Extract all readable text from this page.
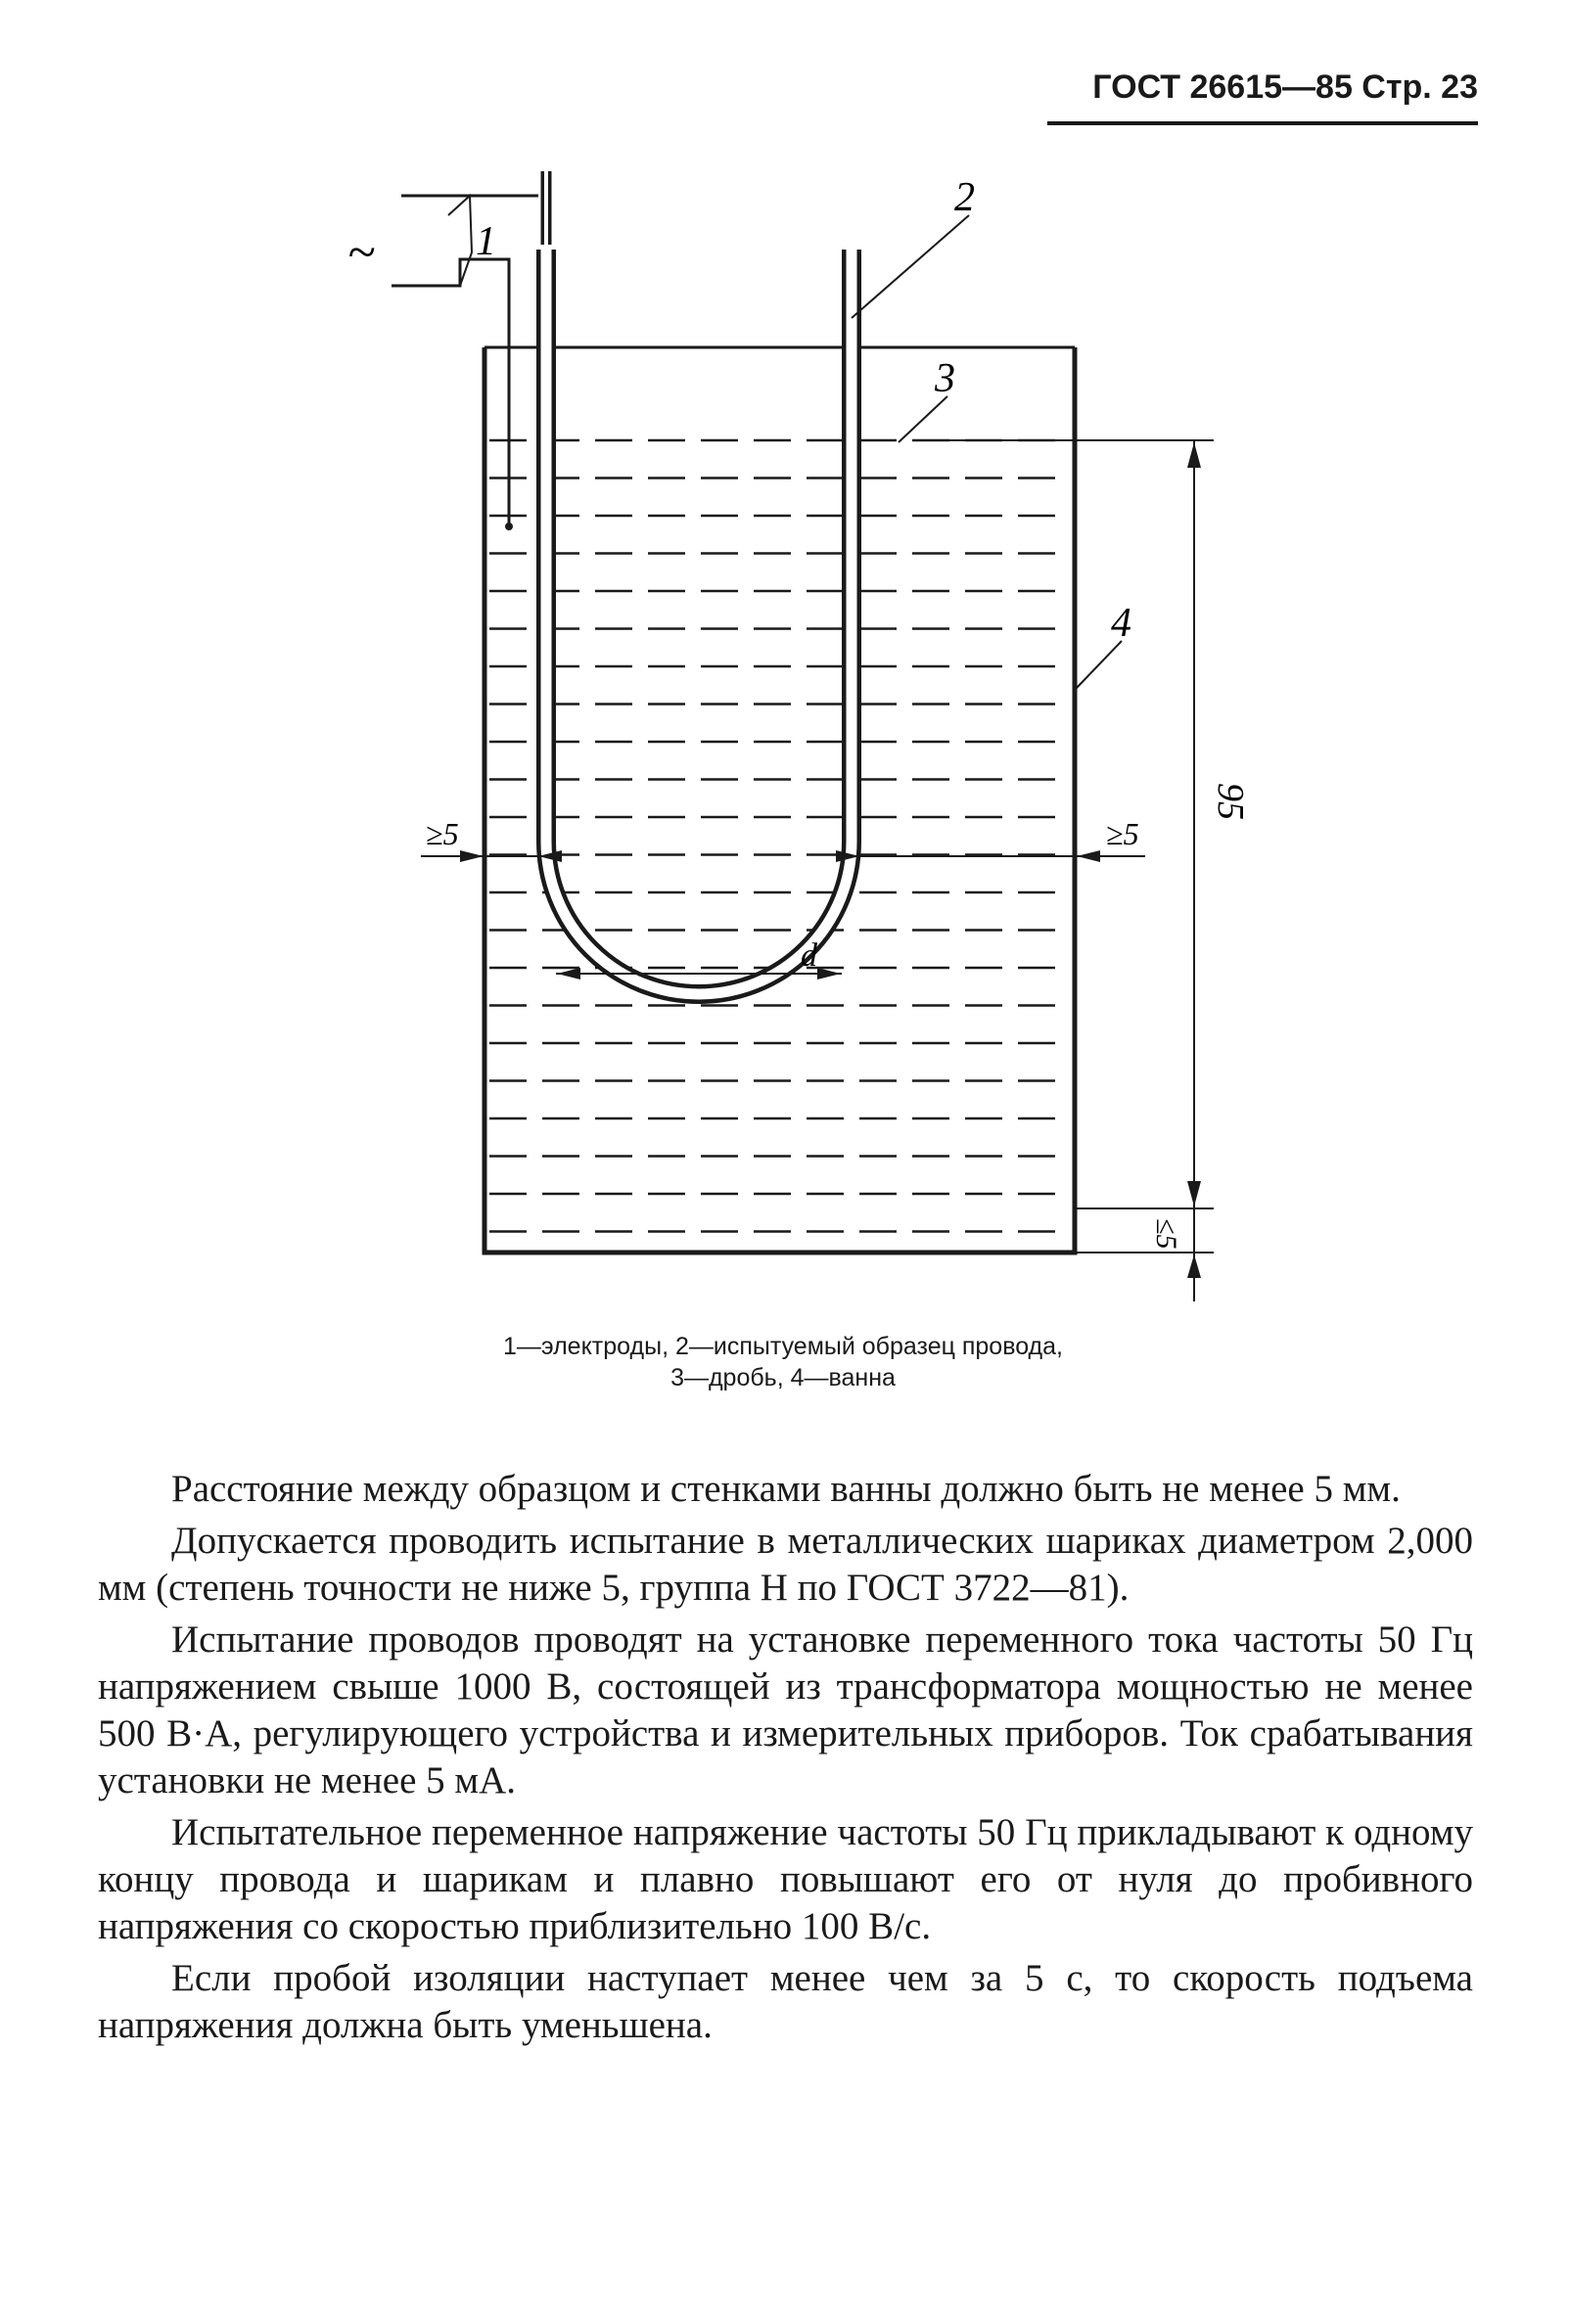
ГОСТ 26615—85 Стр. 23
~ 1
2
3
4
95
≤5
≥5	≥5
d
1—электроды, 2—испытуемый образец провода,
3—дробь, 4—ванна

Расстояние между образцом и стенками ванны должно быть не менее 5 мм.

Допускается проводить испытание в металлических шариках диаметром 2,000 мм (степень точности не ниже 5, группа Н по ГОСТ 3722—81).

Испытание проводов проводят на установке переменного тока частоты 50 Гц напряжением свыше 1000 В, состоящей из трансформатора мощностью не менее 500 В·А, регулирующего устройства и измерительных приборов. Ток срабатывания установки не менее 5 мА.

Испытательное переменное напряжение частоты 50 Гц прикладывают к одному концу провода и шарикам и плавно повышают его от нуля до пробивного напряжения со скоростью приблизительно 100 В/с.

Если пробой изоляции наступает менее чем за 5 с, то скорость подъема напряжения должна быть уменьшена.
